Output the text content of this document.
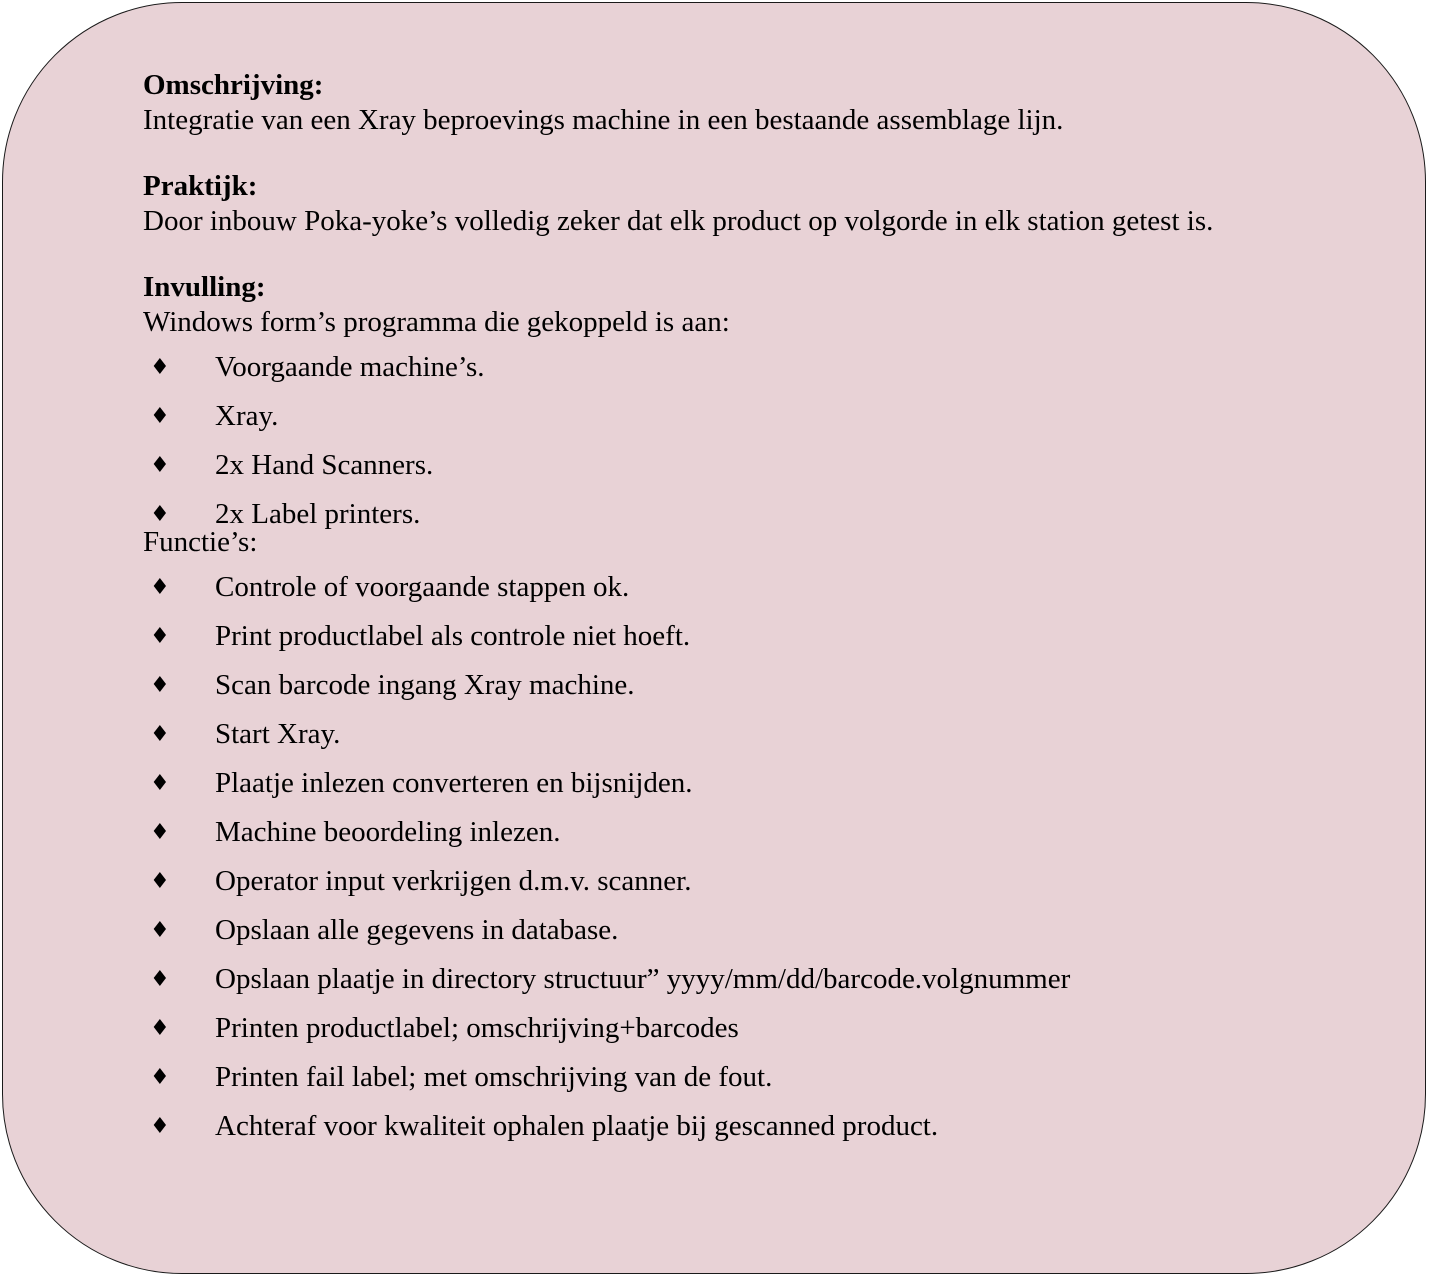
Omschrijving:
Integratie van een Xray beproevings machine in een bestaande assemblage lijn.
Praktijk:
Door inbouw Poka-yoke’s volledig zeker dat elk product op volgorde in elk station getest is.
Invulling:
Windows form’s programma die gekoppeld is aan:
♦ Voorgaande machine’s.
♦ Xray.
♦ 2x Hand Scanners.
♦ 2x Label printers.
Functie’s:
♦ Controle of voorgaande stappen ok.
♦ Print productlabel als controle niet hoeft.
♦ Scan barcode ingang Xray machine.
♦ Start Xray.
♦ Plaatje inlezen converteren en bijsnijden.
♦ Machine beoordeling inlezen.
♦ Operator input verkrijgen d.m.v. scanner.
♦ Opslaan alle gegevens in database.
♦ Opslaan plaatje in directory structuur” yyyy/mm/dd/barcode.volgnummer
♦ Printen productlabel; omschrijving+barcodes
♦ Printen fail label; met omschrijving van de fout.
♦ Achteraf voor kwaliteit ophalen plaatje bij gescanned product.
